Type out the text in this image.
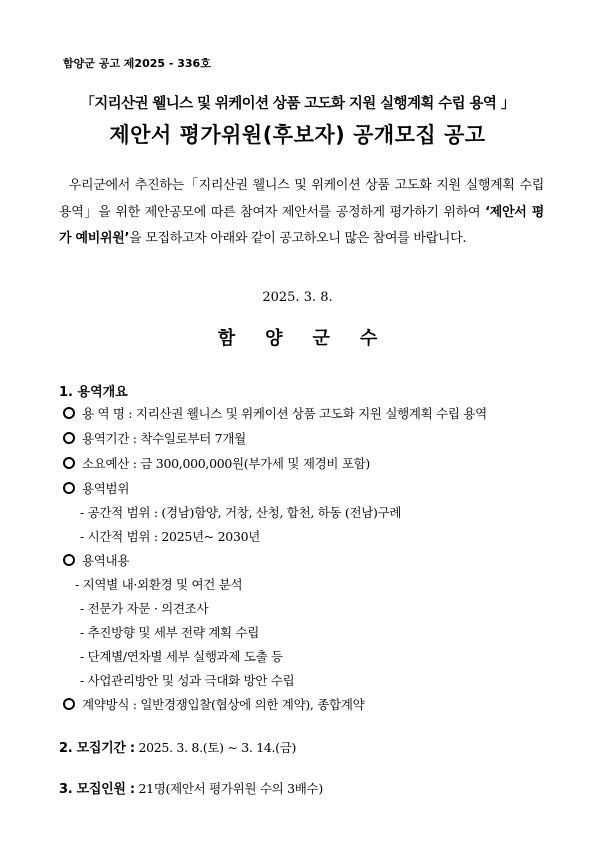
함양군 공고 제2025 - 336호
「지리산권 웰니스 및 위케이션 상품 고도화 지원 실행계획 수립 용역 」
제안서 평가위원(후보자) 공개모집 공고
우리군에서 추진하는「지리산권 웰니스 및 위케이션 상품 고도화 지원 실행계획 수립 용역」을 위한 제안공모에 따른 참여자 제안서를 공정하게 평가하기 위하여 ‘제안서 평가 예비위원’을 모집하고자 아래와 같이 공고하오니 많은 참여를 바랍니다.
2025. 3. 8.
함양군수
1. 용역개요
용 역 명 : 지리산권 웰니스 및 위케이션 상품 고도화 지원 실행계획 수립 용역
용역기간 : 착수일로부터 7개월
소요예산 : 금 300,000,000원(부가세 및 제경비 포함)
용역범위
- 공간적 범위 : (경남)함양, 거창, 산청, 합천, 하동 (전남)구례
- 시간적 범위 : 2025년~ 2030년
용역내용
- 지역별 내·외환경 및 여건 분석
- 전문가 자문 · 의견조사
- 추진방향 및 세부 전략 계획 수립
- 단계별/연차별 세부 실행과제 도출 등
- 사업관리방안 및 성과 극대화 방안 수립
계약방식 : 일반경쟁입찰(협상에 의한 계약), 종합계약
2. 모집기간 : 2025. 3. 8.(토) ∼ 3. 14.(금)
3. 모집인원 : 21명(제안서 평가위원 수의 3배수)
